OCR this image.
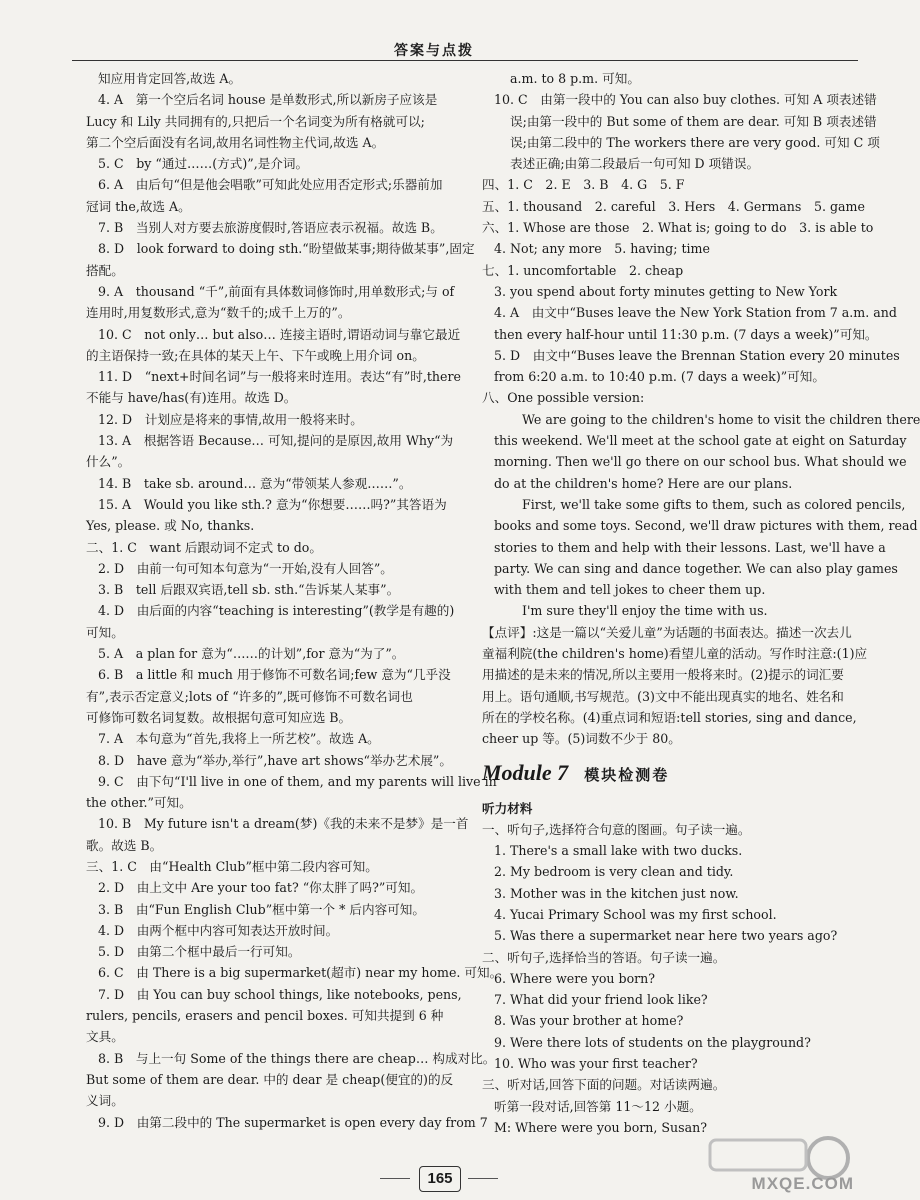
答案与点拨
知应用肯定回答,故选 A。
4. A　第一个空后名词 house 是单数形式,所以新房子应该是
Lucy 和 Lily 共同拥有的,只把后一个名词变为所有格就可以;
第二个空后面没有名词,故用名词性物主代词,故选 A。
5. C　by “通过……(方式)”,是介词。
6. A　由后句“但是他会唱歌”可知此处应用否定形式;乐器前加
冠词 the,故选 A。
7. B　当别人对方要去旅游度假时,答语应表示祝福。故选 B。
8. D　look forward to doing sth.“盼望做某事;期待做某事”,固定
搭配。
9. A　thousand “千”,前面有具体数词修饰时,用单数形式;与 of
连用时,用复数形式,意为“数千的;成千上万的”。
10. C　not only… but also… 连接主语时,谓语动词与靠它最近
的主语保持一致;在具体的某天上午、下午或晚上用介词 on。
11. D　“next+时间名词”与一般将来时连用。表达“有”时,there
不能与 have/has(有)连用。故选 D。
12. D　计划应是将来的事情,故用一般将来时。
13. A　根据答语 Because… 可知,提问的是原因,故用 Why“为
什么”。
14. B　take sb. around… 意为“带领某人参观……”。
15. A　Would you like sth.? 意为“你想要……吗?”其答语为
Yes, please. 或 No, thanks.
二、1. C　want 后跟动词不定式 to do。
2. D　由前一句可知本句意为“一开始,没有人回答”。
3. B　tell 后跟双宾语,tell sb. sth.“告诉某人某事”。
4. D　由后面的内容“teaching is interesting”(教学是有趣的)
可知。
5. A　a plan for 意为“……的计划”,for 意为“为了”。
6. B　a little 和 much 用于修饰不可数名词;few 意为“几乎没
有”,表示否定意义;lots of “许多的”,既可修饰不可数名词也
可修饰可数名词复数。故根据句意可知应选 B。
7. A　本句意为“首先,我将上一所艺校”。故选 A。
8. D　have 意为“举办,举行”,have art shows“举办艺术展”。
9. C　由下句“I'll live in one of them, and my parents will live in
the other.”可知。
10. B　My future isn't a dream(梦)《我的未来不是梦》是一首
歌。故选 B。
三、1. C　由“Health Club”框中第二段内容可知。
2. D　由上文中 Are your too fat? “你太胖了吗?”可知。
3. B　由“Fun English Club”框中第一个 * 后内容可知。
4. D　由两个框中内容可知表达开放时间。
5. D　由第二个框中最后一行可知。
6. C　由 There is a big supermarket(超市) near my home. 可知。
7. D　由 You can buy school things, like notebooks, pens,
rulers, pencils, erasers and pencil boxes. 可知共提到 6 种
文具。
8. B　与上一句 Some of the things there are cheap… 构成对比。
But some of them are dear. 中的 dear 是 cheap(便宜的)的反
义词。
9. D　由第二段中的 The supermarket is open every day from 7
a.m. to 8 p.m. 可知。
10. C　由第一段中的 You can also buy clothes. 可知 A 项表述错
误;由第一段中的 But some of them are dear. 可知 B 项表述错
误;由第二段中的 The workers there are very good. 可知 C 项
表述正确;由第二段最后一句可知 D 项错误。
四、1. C　2. E　3. B　4. G　5. F
五、1. thousand　2. careful　3. Hers　4. Germans　5. game
六、1. Whose are those　2. What is; going to do　3. is able to
4. Not; any more　5. having; time
七、1. uncomfortable　2. cheap
3. you spend about forty minutes getting to New York
4. A　由文中“Buses leave the New York Station from 7 a.m. and
then every half-hour until 11:30 p.m. (7 days a week)”可知。
5. D　由文中“Buses leave the Brennan Station every 20 minutes
from 6:20 a.m. to 10:40 p.m. (7 days a week)”可知。
八、One possible version:
We are going to the children's home to visit the children there
this weekend. We'll meet at the school gate at eight on Saturday
morning. Then we'll go there on our school bus. What should we
do at the children's home? Here are our plans.
First, we'll take some gifts to them, such as colored pencils,
books and some toys. Second, we'll draw pictures with them, read
stories to them and help with their lessons. Last, we'll have a
party. We can sing and dance together. We can also play games
with them and tell jokes to cheer them up.
I'm sure they'll enjoy the time with us.
【点评】:这是一篇以“关爱儿童”为话题的书面表达。描述一次去儿
童福利院(the children's home)看望儿童的活动。写作时注意:(1)应
用描述的是未来的情况,所以主要用一般将来时。(2)提示的词汇要
用上。语句通顺,书写规范。(3)文中不能出现真实的地名、姓名和
所在的学校名称。(4)重点词和短语:tell stories, sing and dance,
cheer up 等。(5)词数不少于 80。
Module 7 模块检测卷
听力材料
一、听句子,选择符合句意的图画。句子读一遍。
1. There's a small lake with two ducks.
2. My bedroom is very clean and tidy.
3. Mother was in the kitchen just now.
4. Yucai Primary School was my first school.
5. Was there a supermarket near here two years ago?
二、听句子,选择恰当的答语。句子读一遍。
6. Where were you born?
7. What did your friend look like?
8. Was your brother at home?
9. Were there lots of students on the playground?
10. Who was your first teacher?
三、听对话,回答下面的问题。对话读两遍。
听第一段对话,回答第 11～12 小题。
M: Where were you born, Susan?
165	MXQE.COM
